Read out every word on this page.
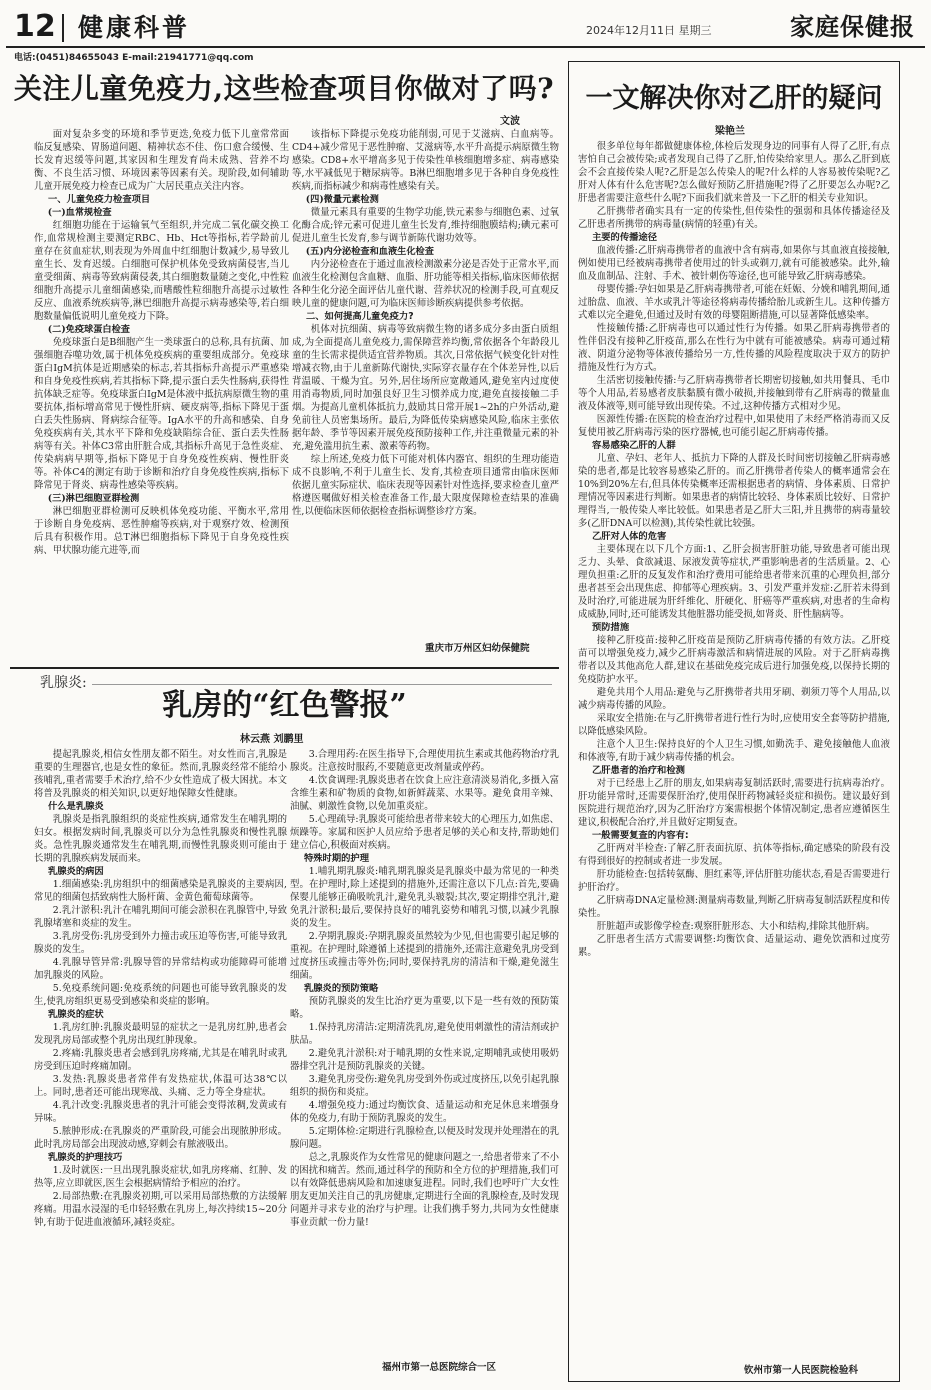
12 健康科普	2024年12月11日 星期三	家庭保健报
电话:(0451)84655043 E-mail:21941771@qq.com
关注儿童免疫力,这些检查项目你做对了吗?
文波

面对复杂多变的环境和季节更迭,免疫力低下儿童常常面临反复感染、胃肠道问题、精神状态不佳、伤口愈合缓慢、生长发育迟缓等问题,其家因和生理发育尚未成熟、营养不均衡、不良生活习惯、环境因素等因素有关。现阶段,如何辅助儿童开展免疫力检查已成为广大居民重点关注内容。

一、儿童免疫力检查项目

(一)血常规检查

红细胞功能在于运输氧气至组织,并完成二氧化碳交换工作,血常规检测主要测定RBC、Hb、Hct等指标,若学龄前儿童存在贫血症状,则表现为外周血中红细胞计数减少,易导致儿童生长、发育迟缓。白细胞可保护机体免受致病菌侵害,当儿童受细菌、病毒等致病菌侵袭,其白细胞数量随之变化,中性粒细胞升高提示儿童细菌感染,而嗜酸性粒细胞升高提示过敏性反应、血液系统疾病等,淋巴细胞升高提示病毒感染等,若白细胞数量偏低说明儿童免疫力下降。

(二)免疫球蛋白检查

免疫球蛋白是B细胞产生一类球蛋白的总称,具有抗菌、加强细胞吞噬功效,属于机体免疫疾病的重要组成部分。免疫球蛋白IgM抗体是近期感染的标志,若其指标升高提示严重感染和自身免疫性疾病,若其指标下降,提示蛋白丢失性肠病,获得性抗体缺乏症等。免疫球蛋白IgM是体液中抵抗病原微生物的重要抗体,指标增高常见于慢性肝病、硬皮病等,指标下降见于蛋白丢失性肠病、肾病综合征等。IgA水平的升高和感染、自身免疫疾病有关,其水平下降和免疫缺陷综合征、蛋白丢失性肠病等有关。补体C3常由肝脏合成,其指标升高见于急性炎症、传染病病早期等,指标下降见于自身免疫性疾病、慢性肝炎等。补体C4的测定有助于诊断和治疗自身免疫性疾病,指标下降常见于肾炎、病毒性感染等疾病。

(三)淋巴细胞亚群检测

淋巴细胞亚群检测可反映机体免疫功能、平衡水平,常用于诊断自身免疫病、恶性肿瘤等疾病,对于观察疗效、检测预后具有积极作用。总T淋巴细胞指标下降见于自身免疫性疾病、甲状腺功能亢进等,而

该指标下降提示免疫功能削弱,可见于艾滋病、白血病等。CD4+减少常见于恶性肿瘤、艾滋病等,水平升高提示病原微生物感染。CD8+水平增高多见于传染性单核细胞增多症、病毒感染等,水平减低见于糖尿病等。B淋巴细胞增多见于各种自身免疫性疾病,而指标减少和病毒性感染有关。

(四)微量元素检测

微量元素具有重要的生物学功能,铁元素参与细胞色素、过氧化酶合成;锌元素可促进儿童生长发育,维持细胞膜结构;碘元素可促进儿童生长发育,参与调节新陈代谢功效等。

(五)内分泌检查和血液生化检查

内分泌检查在于通过血液检测激素分泌是否处于正常水平,而血液生化检测包含血糖、血脂、肝功能等相关指标,临床医师依据各种生化分泌全面评估儿童代谢、营养状况的检测手段,可直观反映儿童的健康问题,可为临床医师诊断疾病提供参考依据。

二、如何提高儿童免疫力?

机体对抗细菌、病毒等致病微生物的诸多成分多由蛋白质组成,为全面提高儿童免疫力,需保障营养均衡,常依据各个年龄段儿童的生长需求提供适宜营养物质。其次,日常依据气候变化针对性增减衣物,由于儿童新陈代谢快,实际穿衣量存在个体差异性,以后背温暖、干燥为宜。另外,居住场所应宽敞通风,避免室内过度使用消毒物质,同时加强良好卫生习惯养成力度,避免直接接触二手烟。为提高儿童机体抵抗力,鼓励其日常开展1~2h的户外活动,避免前往人员密集场所。最后,为降低传染病感染风险,临床主张依据年龄、季节等因素开展免疫预防接种工作,并注重微量元素的补充,避免滥用抗生素、激素等药物。

综上所述,免疫力低下可能对机体内器官、组织的生理功能造成不良影响,不利于儿童生长、发育,其检查项目通常由临床医师依据儿童实际症状、临床表现等因素针对性选择,要求检查儿童严格遵医嘱做好相关检查准备工作,最大限度保障检查结果的准确性,以便临床医师依据检查指标调整诊疗方案。

重庆市万州区妇幼保健院
乳腺炎:
乳房的“红色警报”
林云燕 刘鹏里

提起乳腺炎,相信女性朋友都不陌生。对女性而言,乳腺是重要的生理器官,也是女性的象征。然而,乳腺炎经常不能给小孩哺乳,重者需要手术治疗,给不少女性造成了极大困扰。本文将普及乳腺炎的相关知识,以更好地保障女性健康。

什么是乳腺炎

乳腺炎是指乳腺组织的炎症性疾病,通常发生在哺乳期的妇女。根据发病时间,乳腺炎可以分为急性乳腺炎和慢性乳腺炎。急性乳腺炎通常发生在哺乳期,而慢性乳腺炎则可能由于长期的乳腺疾病发展而来。

乳腺炎的病因

1.细菌感染:乳房组织中的细菌感染是乳腺炎的主要病因,常见的细菌包括致病性大肠杆菌、金黄色葡萄球菌等。

2.乳汁淤积:乳汁在哺乳期间可能会淤积在乳腺管中,导致乳腺堵塞和炎症的发生。

3.乳房受伤:乳房受到外力撞击或压迫等伤害,可能导致乳腺炎的发生。

4.乳腺导管异常:乳腺导管的异常结构或功能障碍可能增加乳腺炎的风险。

5.免疫系统问题:免疫系统的问题也可能导致乳腺炎的发生,使乳房组织更易受到感染和炎症的影响。

乳腺炎的症状

1.乳房红肿:乳腺炎最明显的症状之一是乳房红肿,患者会发现乳房局部或整个乳房出现红肿现象。

2.疼痛:乳腺炎患者会感到乳房疼痛,尤其是在哺乳时或乳房受到压迫时疼痛加剧。

3.发热:乳腺炎患者常伴有发热症状,体温可达38℃以上。同时,患者还可能出现寒战、头痛、乏力等全身症状。

4.乳汁改变:乳腺炎患者的乳汁可能会变得浓稠,发黄或有异味。

5.脓肿形成:在乳腺炎的严重阶段,可能会出现脓肿形成。此时乳房局部会出现波动感,穿刺会有脓液吸出。

乳腺炎的护理技巧

1.及时就医:一旦出现乳腺炎症状,如乳房疼痛、红肿、发热等,应立即就医,医生会根据病情给予相应的治疗。

2.局部热敷:在乳腺炎初期,可以采用局部热敷的方法缓解疼痛。用温水浸湿的毛巾轻轻敷在乳房上,每次持续15~20分钟,有助于促进血液循环,减轻炎症。

3.合理用药:在医生指导下,合理使用抗生素或其他药物治疗乳腺炎。注意按时服药,不要随意更改剂量或停药。

4.饮食调理:乳腺炎患者在饮食上应注意清淡易消化,多摄入富含维生素和矿物质的食物,如新鲜蔬菜、水果等。避免食用辛辣、油腻、刺激性食物,以免加重炎症。

5.心理疏导:乳腺炎可能给患者带来较大的心理压力,如焦虑、烦躁等。家属和医护人员应给予患者足够的关心和支持,帮助她们建立信心,积极面对疾病。

特殊时期的护理

1.哺乳期乳腺炎:哺乳期乳腺炎是乳腺炎中最为常见的一种类型。在护理时,除上述提到的措施外,还需注意以下几点:首先,要确保婴儿能够正确吸吮乳汁,避免乳头皲裂;其次,要定期排空乳汁,避免乳汁淤积;最后,要保持良好的哺乳姿势和哺乳习惯,以减少乳腺炎的发生。

2.孕期乳腺炎:孕期乳腺炎虽然较为少见,但也需要引起足够的重视。在护理时,除遵循上述提到的措施外,还需注意避免乳房受到过度挤压或撞击等外伤;同时,要保持乳房的清洁和干燥,避免滋生细菌。

乳腺炎的预防策略

预防乳腺炎的发生比治疗更为重要,以下是一些有效的预防策略。

1.保持乳房清洁:定期清洗乳房,避免使用刺激性的清洁剂或护肤品。

2.避免乳汁淤积:对于哺乳期的女性来说,定期哺乳或使用吸奶器排空乳汁是预防乳腺炎的关键。

3.避免乳房受伤:避免乳房受到外伤或过度挤压,以免引起乳腺组织的损伤和炎症。

4.增强免疫力:通过均衡饮食、适量运动和充足休息来增强身体的免疫力,有助于预防乳腺炎的发生。

5.定期体检:定期进行乳腺检查,以便及时发现并处理潜在的乳腺问题。

总之,乳腺炎作为女性常见的健康问题之一,给患者带来了不小的困扰和痛苦。然而,通过科学的预防和全方位的护理措施,我们可以有效降低患病风险和加速康复进程。同时,我们也呼吁广大女性朋友更加关注自己的乳房健康,定期进行全面的乳腺检查,及时发现问题并寻求专业的治疗与护理。让我们携手努力,共同为女性健康事业贡献一份力量!

福州市第一总医院综合一区
一文解决你对乙肝的疑问
梁艳兰

很多单位每年都做健康体检,体检后发现身边的同事有人得了乙肝,有点害怕自己会被传染;或者发现自己得了乙肝,怕传染给家里人。那么乙肝到底会不会直接传染人呢?乙肝是怎么传染人的呢?什么样的人容易被传染呢?乙肝对人体有什么危害呢?怎么做好预防乙肝措施呢?得了乙肝要怎么办呢?乙肝患者需要注意些什么呢?下面我们就来普及一下乙肝的相关专业知识。

乙肝携带者确实具有一定的传染性,但传染性的强弱和具体传播途径及乙肝患者所携带的病毒量(病情的轻重)有关。

主要的传播途径

血液传播:乙肝病毒携带者的血液中含有病毒,如果你与其血液直接接触,例如使用已经被病毒携带者使用过的针头或剃刀,就有可能被感染。此外,输血及血制品、注射、手术、被针刺伤等途径,也可能导致乙肝病毒感染。

母婴传播:孕妇如果是乙肝病毒携带者,可能在妊娠、分娩和哺乳期间,通过胎盘、血液、羊水或乳汁等途径将病毒传播给胎儿或新生儿。这种传播方式难以完全避免,但通过及时有效的母婴阻断措施,可以显著降低感染率。

性接触传播:乙肝病毒也可以通过性行为传播。如果乙肝病毒携带者的性伴侣没有接种乙肝疫苗,那么在性行为中就有可能被感染。病毒可通过精液、阴道分泌物等体液传播给另一方,性传播的风险程度取决于双方的防护措施及性行为方式。

生活密切接触传播:与乙肝病毒携带者长期密切接触,如共用餐具、毛巾等个人用品,若易感者皮肤黏膜有微小破损,并接触到带有乙肝病毒的微量血液及体液等,则可能导致出现传染。不过,这种传播方式相对少见。

医源性传播:在医院的检查治疗过程中,如果使用了未经严格消毒而又反复使用被乙肝病毒污染的医疗器械,也可能引起乙肝病毒传播。

容易感染乙肝的人群

儿童、孕妇、老年人、抵抗力下降的人群及长时间密切接触乙肝病毒感染的患者,都是比较容易感染乙肝的。而乙肝携带者传染人的概率通常会在10%到20%左右,但具体传染概率还需根据患者的病情、身体素质、日常护理情况等因素进行判断。如果患者的病情比较轻、身体素质比较好、日常护理得当,一般传染人率比较低。如果患者是乙肝大三阳,并且携带的病毒量较多(乙肝DNA可以检测),其传染性就比较强。

乙肝对人体的危害

主要体现在以下几个方面:1、乙肝会损害肝脏功能,导致患者可能出现乏力、头晕、食欲减退、尿液发黄等症状,严重影响患者的生活质量。2、心理负担重:乙肝的反复发作和治疗费用可能给患者带来沉重的心理负担,部分患者甚至会出现焦虑、抑郁等心理疾病。3、引发严重并发症:乙肝若未得到及时治疗,可能进展为肝纤维化、肝硬化、肝癌等严重疾病,对患者的生命构成威胁,同时,还可能诱发其他脏器功能受损,如肾炎、肝性脑病等。

预防措施

接种乙肝疫苗:接种乙肝疫苗是预防乙肝病毒传播的有效方法。乙肝疫苗可以增强免疫力,减少乙肝病毒激活和病情进展的风险。对于乙肝病毒携带者以及其他高危人群,建议在基础免疫完成后进行加强免疫,以保持长期的免疫防护水平。

避免共用个人用品:避免与乙肝携带者共用牙刷、剃须刀等个人用品,以减少病毒传播的风险。

采取安全措施:在与乙肝携带者进行性行为时,应使用安全套等防护措施,以降低感染风险。

注意个人卫生:保持良好的个人卫生习惯,如勤洗手、避免接触他人血液和体液等,有助于减少病毒传播的机会。

乙肝患者的治疗和检测

对于已经患上乙肝的朋友,如果病毒复制活跃时,需要进行抗病毒治疗。肝功能异常时,还需要保肝治疗,使用保肝药物减轻炎症和损伤。建议最好到医院进行规范治疗,因为乙肝治疗方案需根据个体情况制定,患者应遵循医生建议,积极配合治疗,并且做好定期复查。

一般需要复查的内容有:

乙肝两对半检查:了解乙肝表面抗原、抗体等指标,确定感染的阶段有没有得到很好的控制或者进一步发展。

肝功能检查:包括转氨酶、胆红素等,评估肝脏功能状态,看是否需要进行护肝治疗。

乙肝病毒DNA定量检测:测量病毒数量,判断乙肝病毒复制活跃程度和传染性。

肝脏超声或影像学检查:观察肝脏形态、大小和结构,排除其他肝病。

乙肝患者生活方式需要调整:均衡饮食、适量运动、避免饮酒和过度劳累。

钦州市第一人民医院检验科
